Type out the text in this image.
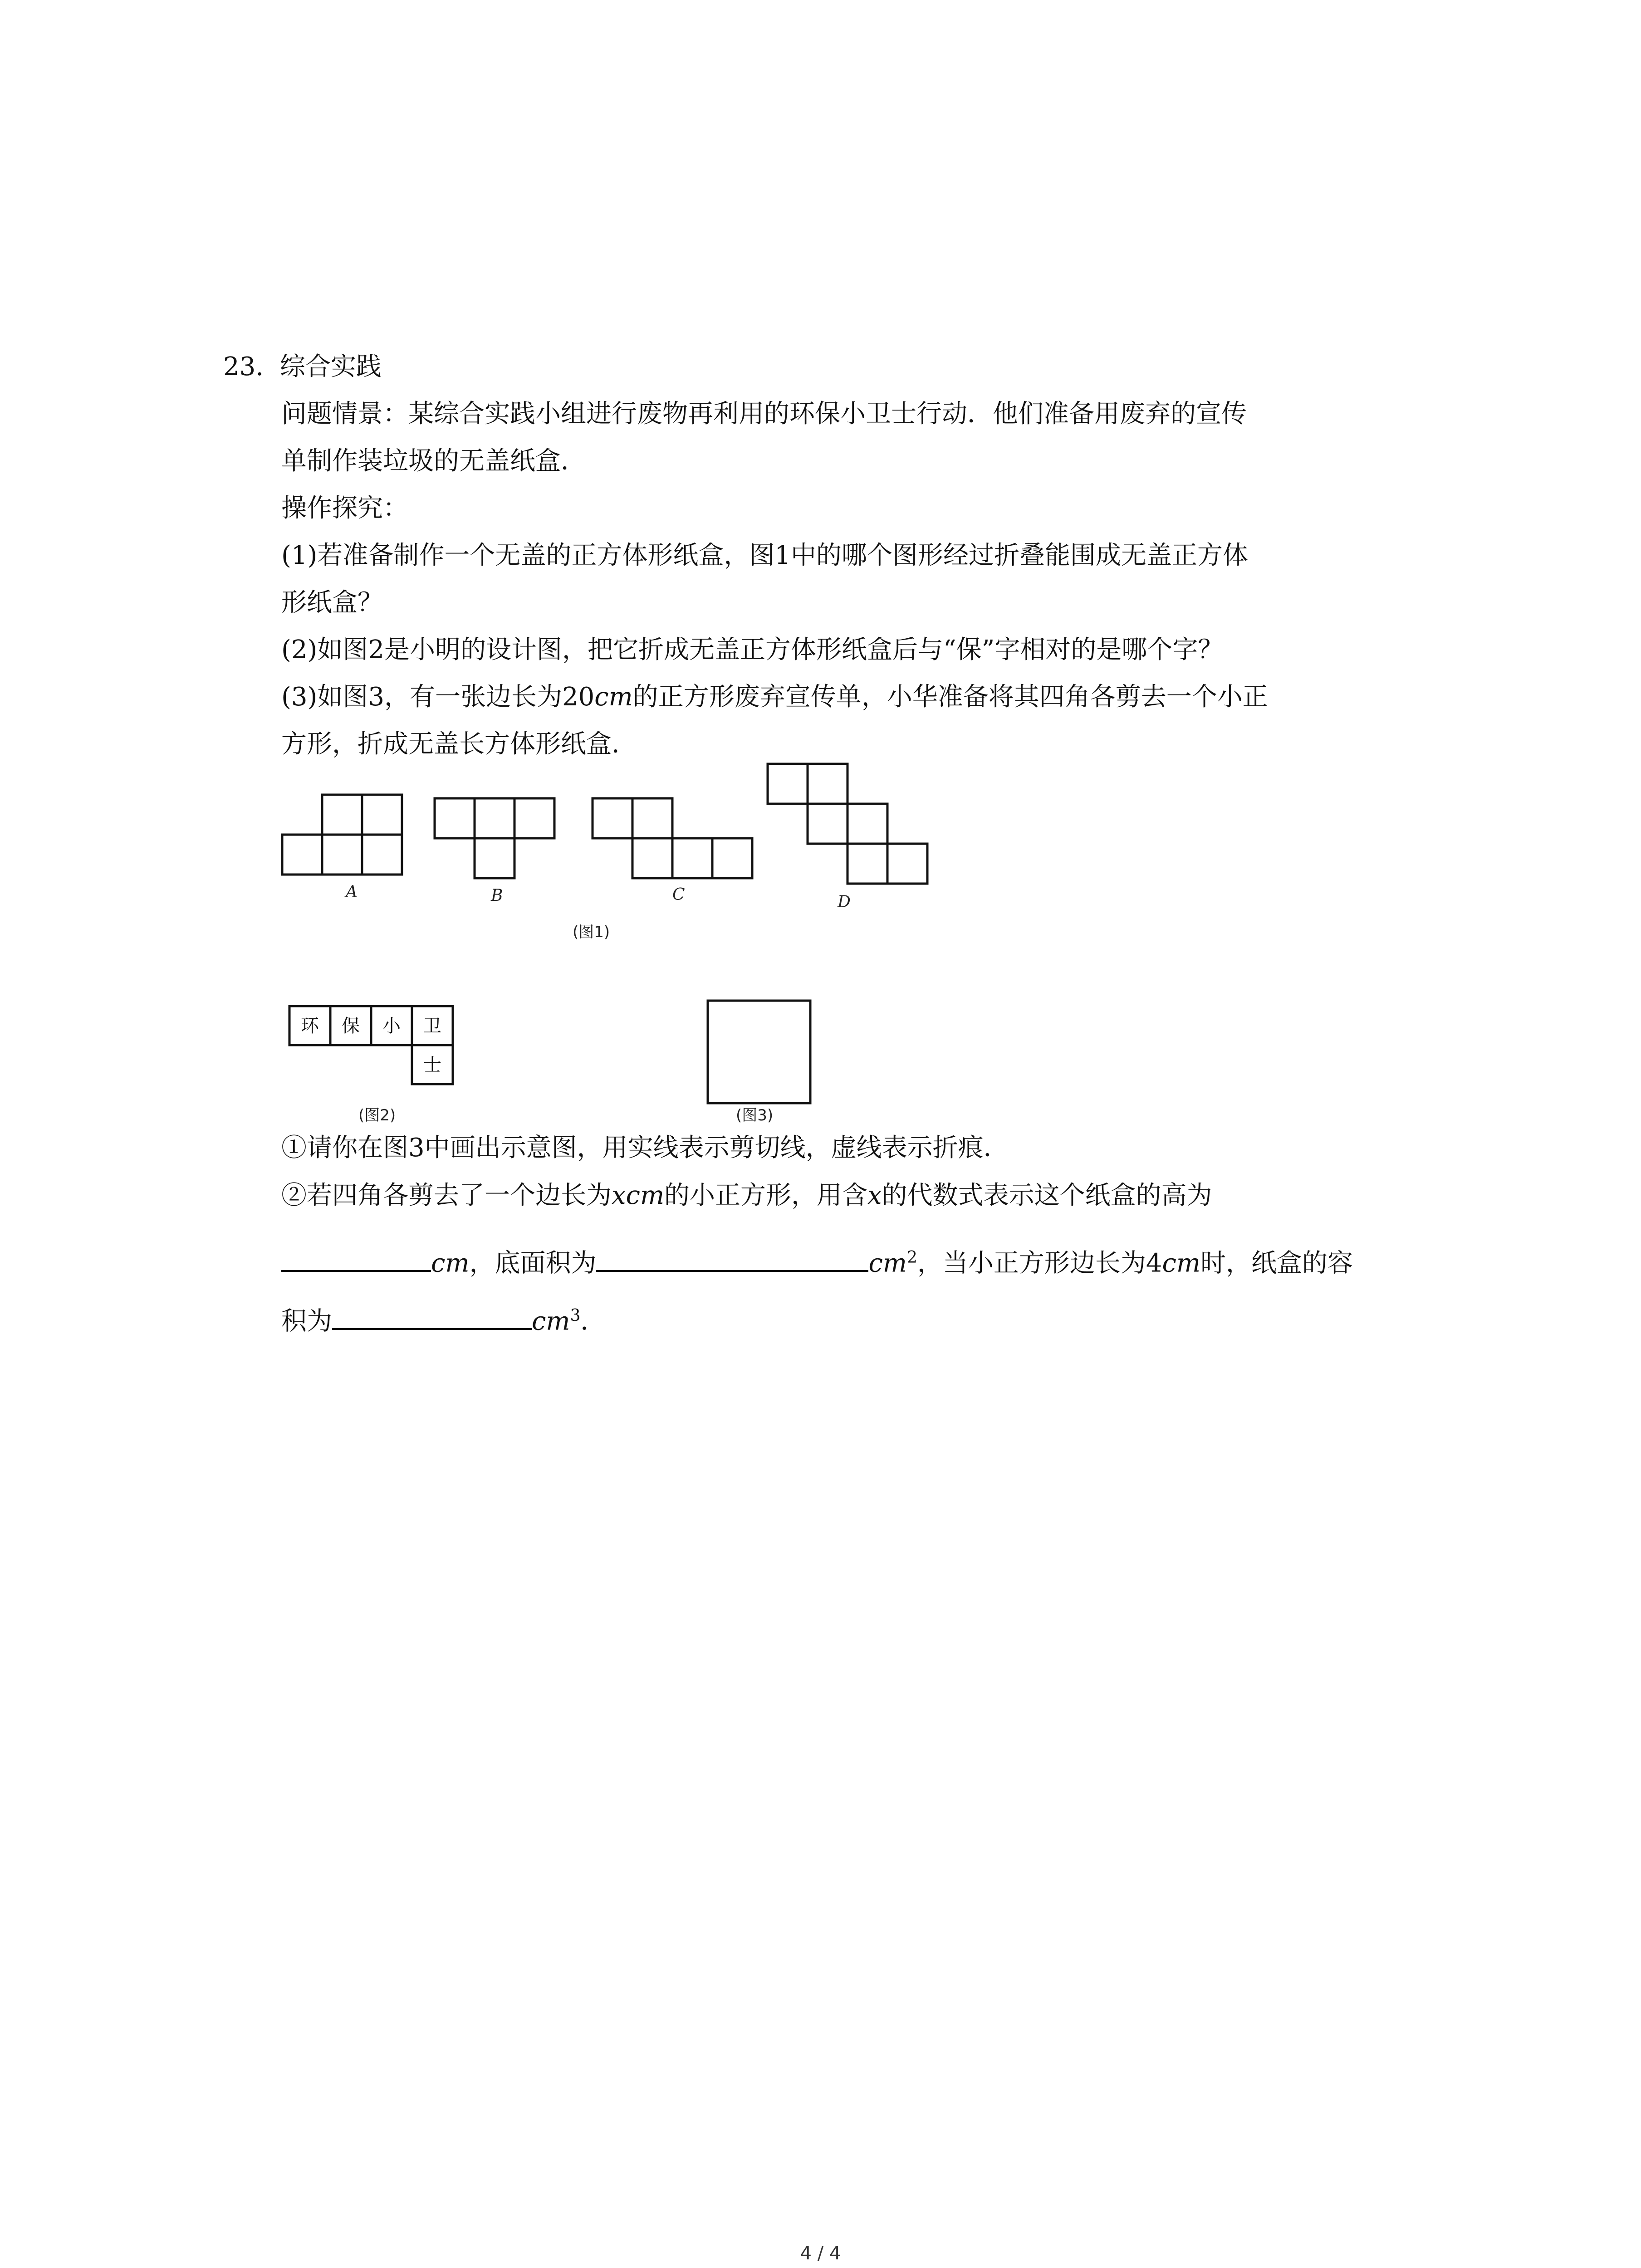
23. 综合实践
问题情景：某综合实践小组进行废物再利用的环保小卫士行动．他们准备用废弃的宣传
单制作装垃圾的无盖纸盒．
操作探究：
(1)若准备制作一个无盖的正方体形纸盒，图1中的哪个图形经过折叠能围成无盖正方体
形纸盒？
(2)如图2是小明的设计图，把它折成无盖正方体形纸盒后与“保”字相对的是哪个字？
(3)如图3，有一张边长为20cm的正方形废弃宣传单，小华准备将其四角各剪去一个小正
方形，折成无盖长方体形纸盒．
①请你在图3中画出示意图，用实线表示剪切线，虚线表示折痕．
②若四角各剪去了一个边长为xcm的小正方形，用含x的代数式表示这个纸盒的高为
cm，底面积为	$cm^2$，当小正方形边长为4cm时，纸盒的容
积为	$cm^3$．
A	B	C	D
(图1)
环 保 小 卫
士
(图2)	(图3)
4 / 4
